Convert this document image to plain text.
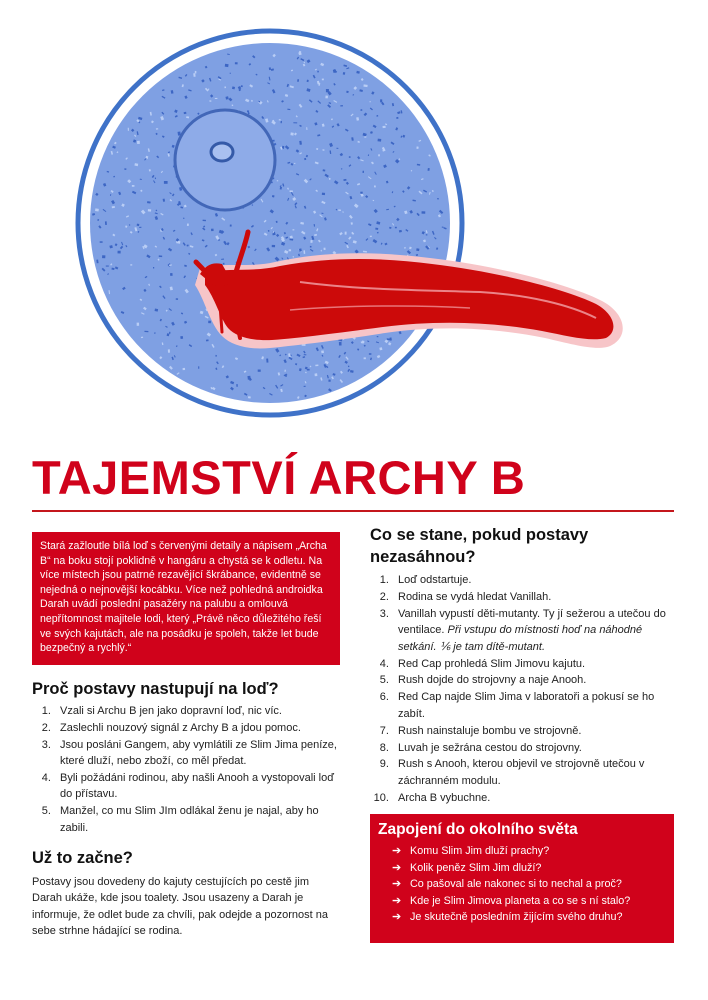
TAJEMSTVÍ ARCHY B

Stará zažloutle bílá loď s červenými detaily a nápisem „Archa B“ na boku stojí poklidně v hangáru a chystá se k odletu. Na více místech jsou patrné rezavějící škrábance, evidentně se nejedná o nejnovější kocábku. Více než pohledná androidka Darah uvádí poslední pasažéry na palubu a omlouvá nepřítomnost majitele lodi, který „Právě něco důležitého řeší ve svých kajutách, ale na posádku je spoleh, takže let bude bezpečný a rychlý.“

Proč postavy nastupují na loď?
1. Vzali si Archu B jen jako dopravní loď, nic víc.
2. Zaslechli nouzový signál z Archy B a jdou pomoc.
3. Jsou posláni Gangem, aby vymlátili ze Slim Jima peníze, které dluží, nebo zboží, co měl předat.
4. Byli požádáni rodinou, aby našli Anooh a vystopovali loď do přístavu.
5. Manžel, co mu Slim JIm odlákal ženu je najal, aby ho zabili.
Už to začne?

Postavy jsou dovedeny do kajuty cestujících po cestě jim Darah ukáže, kde jsou toalety. Jsou usazeny a Darah je informuje, že odlet bude za chvíli, pak odejde a pozornost na sebe strhne hádající se rodina.

Co se stane, pokud postavy nezasáhnou?
1. Loď odstartuje.
2. Rodina se vydá hledat Vanillah.
3. Vanillah vypustí děti-mutanty. Ty jí sežerou a utečou do ventilace. Při vstupu do místnosti hoď na náhodné setkání. ⅙ je tam dítě-mutant.
4. Red Cap prohledá Slim Jimovu kajutu.
5. Rush dojde do strojovny a naje Anooh.
6. Red Cap najde Slim Jima v laboratoři a pokusí se ho zabít.
7. Rush nainstaluje bombu ve strojovně.
8. Luvah je sežrána cestou do strojovny.
9. Rush s Anooh, kterou objevil ve strojovně utečou v záchranném modulu.
10. Archa B vybuchne.
Zapojení do okolního světa
➔ Komu Slim Jim dluží prachy?
➔ Kolik peněz Slim Jim dluží?
➔ Co pašoval ale nakonec si to nechal a proč?
➔ Kde je Slim Jimova planeta a co se s ní stalo?
➔ Je skutečně posledním žijícím svého druhu?
